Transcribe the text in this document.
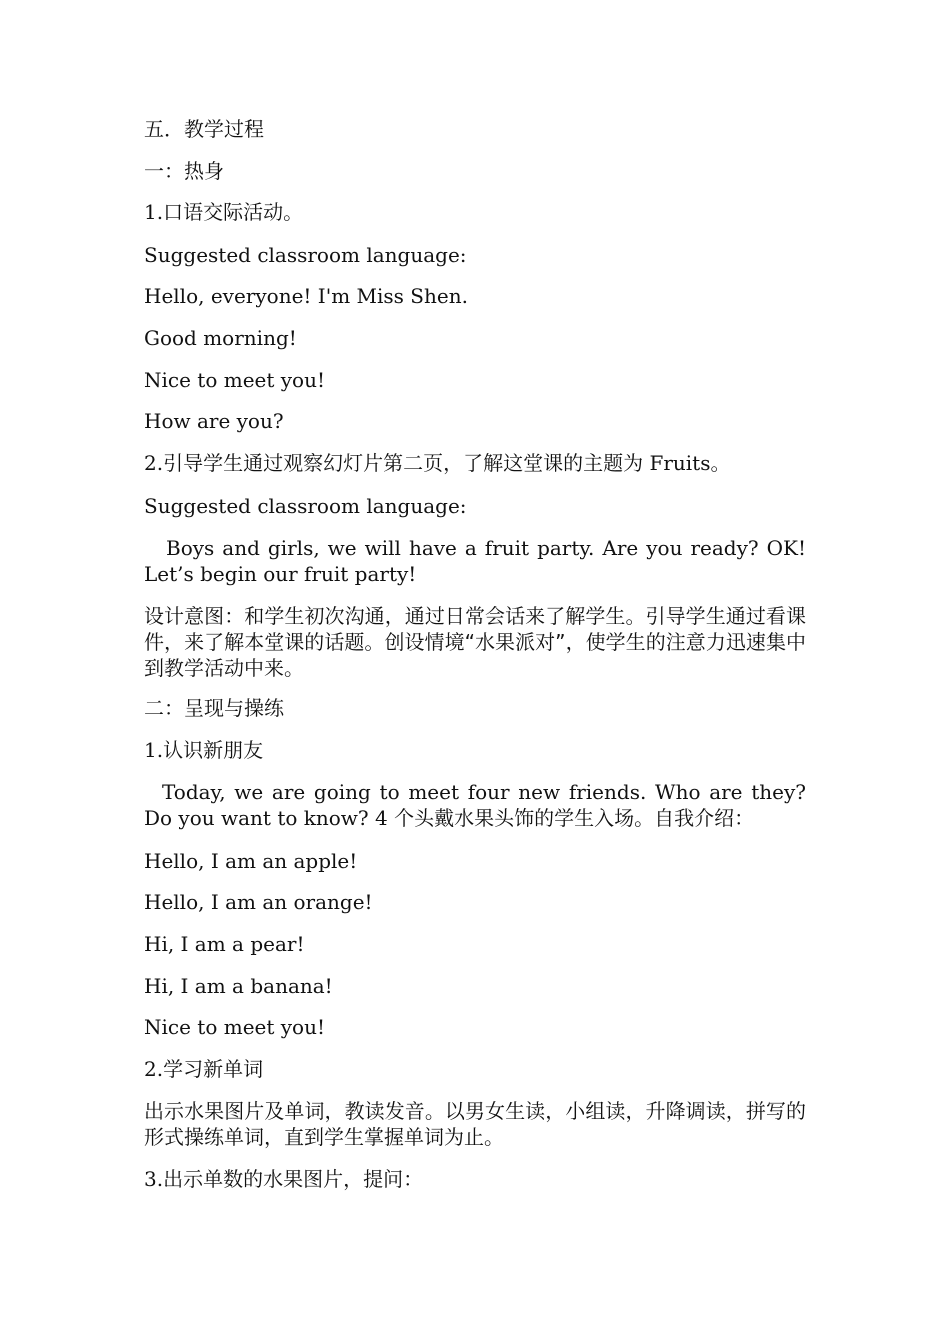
五．教学过程

一：热身

1.口语交际活动。

Suggested classroom language:

Hello, everyone! I'm Miss Shen.

Good morning!

Nice to meet you!

How are you?

2.引导学生通过观察幻灯片第二页，了解这堂课的主题为 Fruits。

Suggested classroom language:

Boys and girls, we will have a fruit party. Are you ready? OK! Let’s begin our fruit party!

设计意图：和学生初次沟通，通过日常会话来了解学生。引导学生通过看课件，来了解本堂课的话题。创设情境“水果派对”，使学生的注意力迅速集中到教学活动中来。

二：呈现与操练

1.认识新朋友

Today, we are going to meet four new friends. Who are they? Do you want to know? 4 个头戴水果头饰的学生入场。自我介绍：

Hello, I am an apple!

Hello, I am an orange!

Hi, I am a pear!

Hi, I am a banana!

Nice to meet you!

2.学习新单词

出示水果图片及单词，教读发音。以男女生读，小组读，升降调读，拼写的形式操练单词，直到学生掌握单词为止。

3.出示单数的水果图片，提问：
